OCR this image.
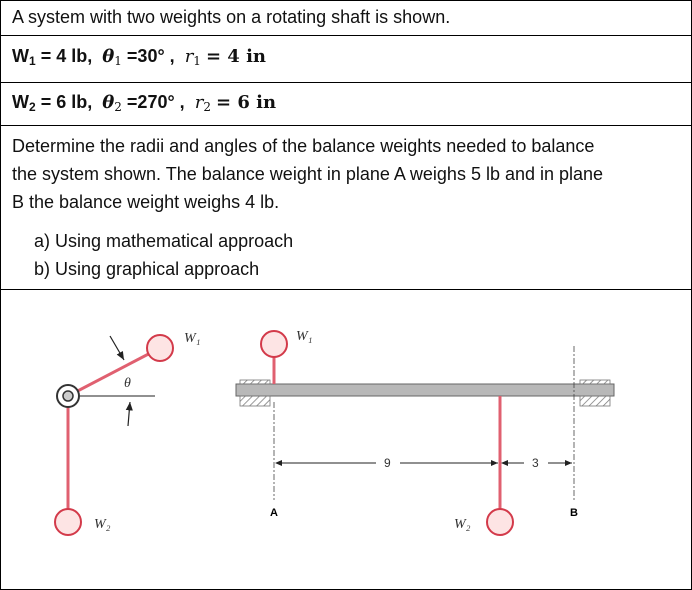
A system with two weights on a rotating shaft is shown.
$W_1 = 4$ lb, $\theta_1 =30^\circ$ , $r_1 = 4$ in
$W_2 = 6$ lb, $\theta_2 =270^\circ$ , $r_2 = 6$ in
Determine the radii and angles of the balance weights needed to balance
the system shown. The balance weight in plane A weighs 5 lb and in plane
B the balance weight weighs 4 lb.
a) Using mathematical approach
b) Using graphical approach
θ
W₁
W₂
W₁
W₂
A	B
9	3
